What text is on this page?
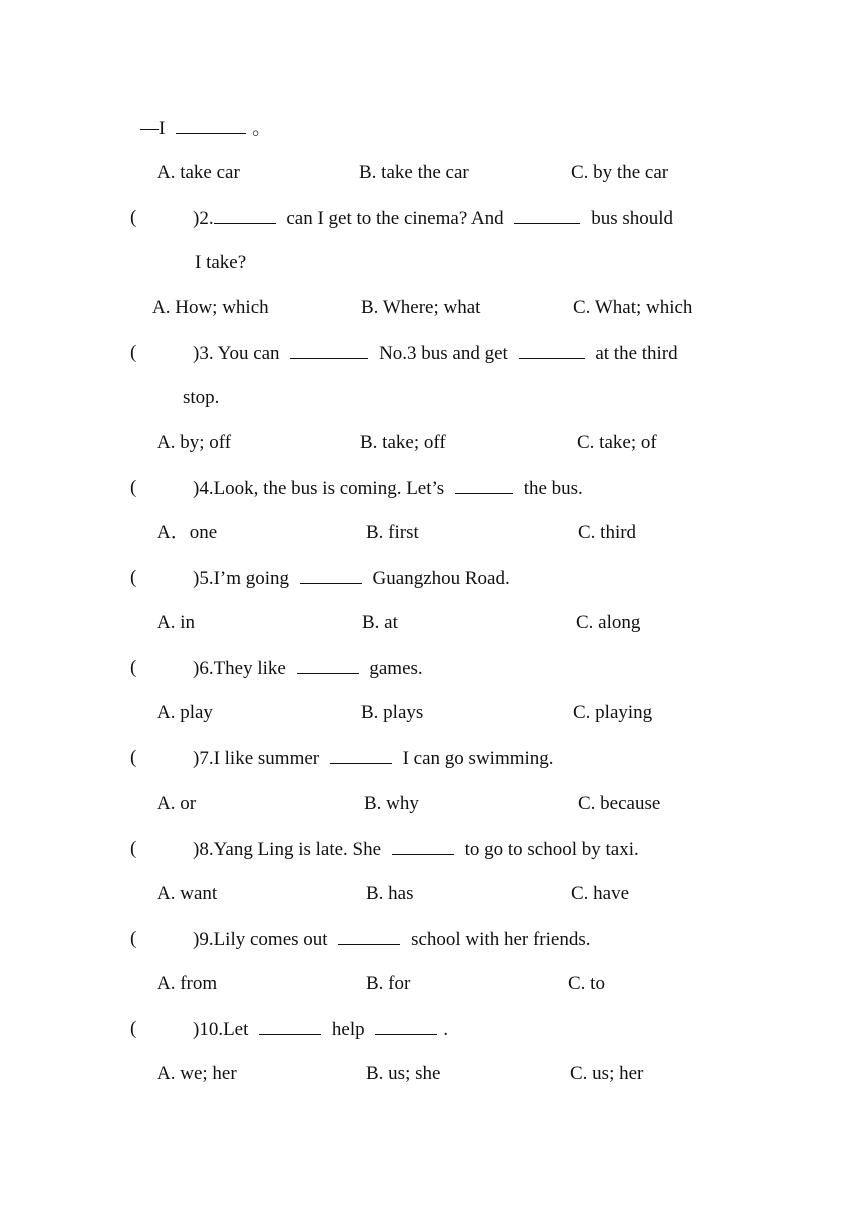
—I	。
A. take car	B. take the car	C. by the car
(	)2.	can I get to the cinema? And	bus should
I take?
A. How; which	B. Where; what	C. What; which
(	)3. You can	No.3 bus and get	at the third
stop.
A. by; off	B. take; off	C. take; of
(	)4.Look, the bus is coming. Let’s	the bus.
A．one	B. first	C. third
(	)5.I’m going	Guangzhou Road.
A. in	B. at	C. along
(	)6.They like	games.
A. play	B. plays	C. playing
(	)7.I like summer	I can go swimming.
A. or	B. why	C. because
(	)8.Yang Ling is late. She	to go to school by taxi.
A. want	B. has	C. have
(	)9.Lily comes out	school with her friends.
A. from	B. for	C. to
(	)10.Let	help	.
A. we; her	B. us; she	C. us; her
